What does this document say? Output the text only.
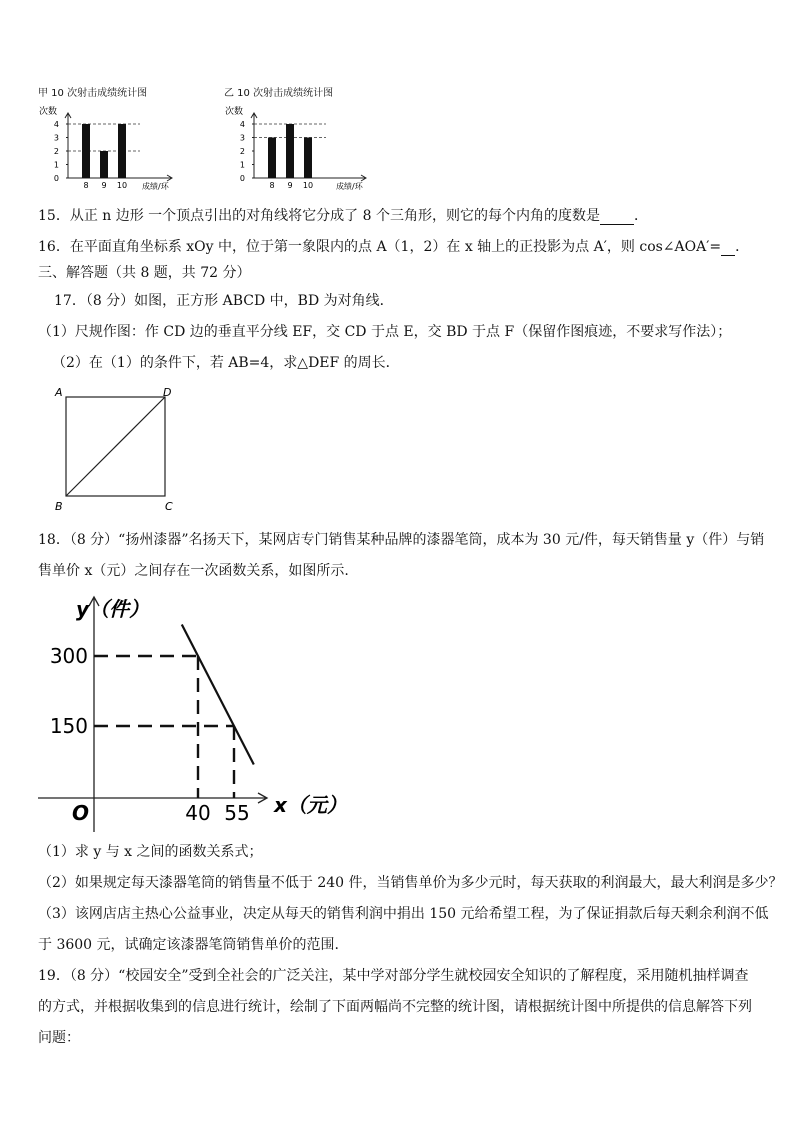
甲 10 次射击成绩统计图
次数
0
1
2
3
4
8 9 10 成绩/环
乙 10 次射击成绩统计图
次数
0
1
2
3
4
8 9 10	成绩/环
15．从正 n 边形 一个顶点引出的对角线将它分成了 8 个三角形，则它的每个内角的度数是 ．
16．在平面直角坐标系 xOy 中，位于第一象限内的点 A（1，2）在 x 轴上的正投影为点 A′，则 cos∠AOA′= ．
三、解答题（共 8 题，共 72 分）
17．（8 分）如图，正方形 ABCD 中，BD 为对角线．
（1）尺规作图：作 CD 边的垂直平分线 EF，交 CD 于点 E，交 BD 于点 F（保留作图痕迹，不要求写作法）；
（2）在（1）的条件下，若 AB=4，求△DEF 的周长．
A	D
B	C
18．（8 分）“扬州漆器”名扬天下，某网店专门销售某种品牌的漆器笔筒，成本为 30 元/件，每天销售量 y（件）与销
售单价 x（元）之间存在一次函数关系，如图所示.
300
150
40 55
y（件）
x（元）
O
（1）求 y 与 x 之间的函数关系式；
（2）如果规定每天漆器笔筒的销售量不低于 240 件，当销售单价为多少元时，每天获取的利润最大，最大利润是多少？
（3）该网店店主热心公益事业，决定从每天的销售利润中捐出 150 元给希望工程，为了保证捐款后每天剩余利润不低
于 3600 元，试确定该漆器笔筒销售单价的范围.
19．（8 分）“校园安全”受到全社会的广泛关注，某中学对部分学生就校园安全知识的了解程度，采用随机抽样调查
的方式，并根据收集到的信息进行统计，绘制了下面两幅尚不完整的统计图，请根据统计图中所提供的信息解答下列
问题：
